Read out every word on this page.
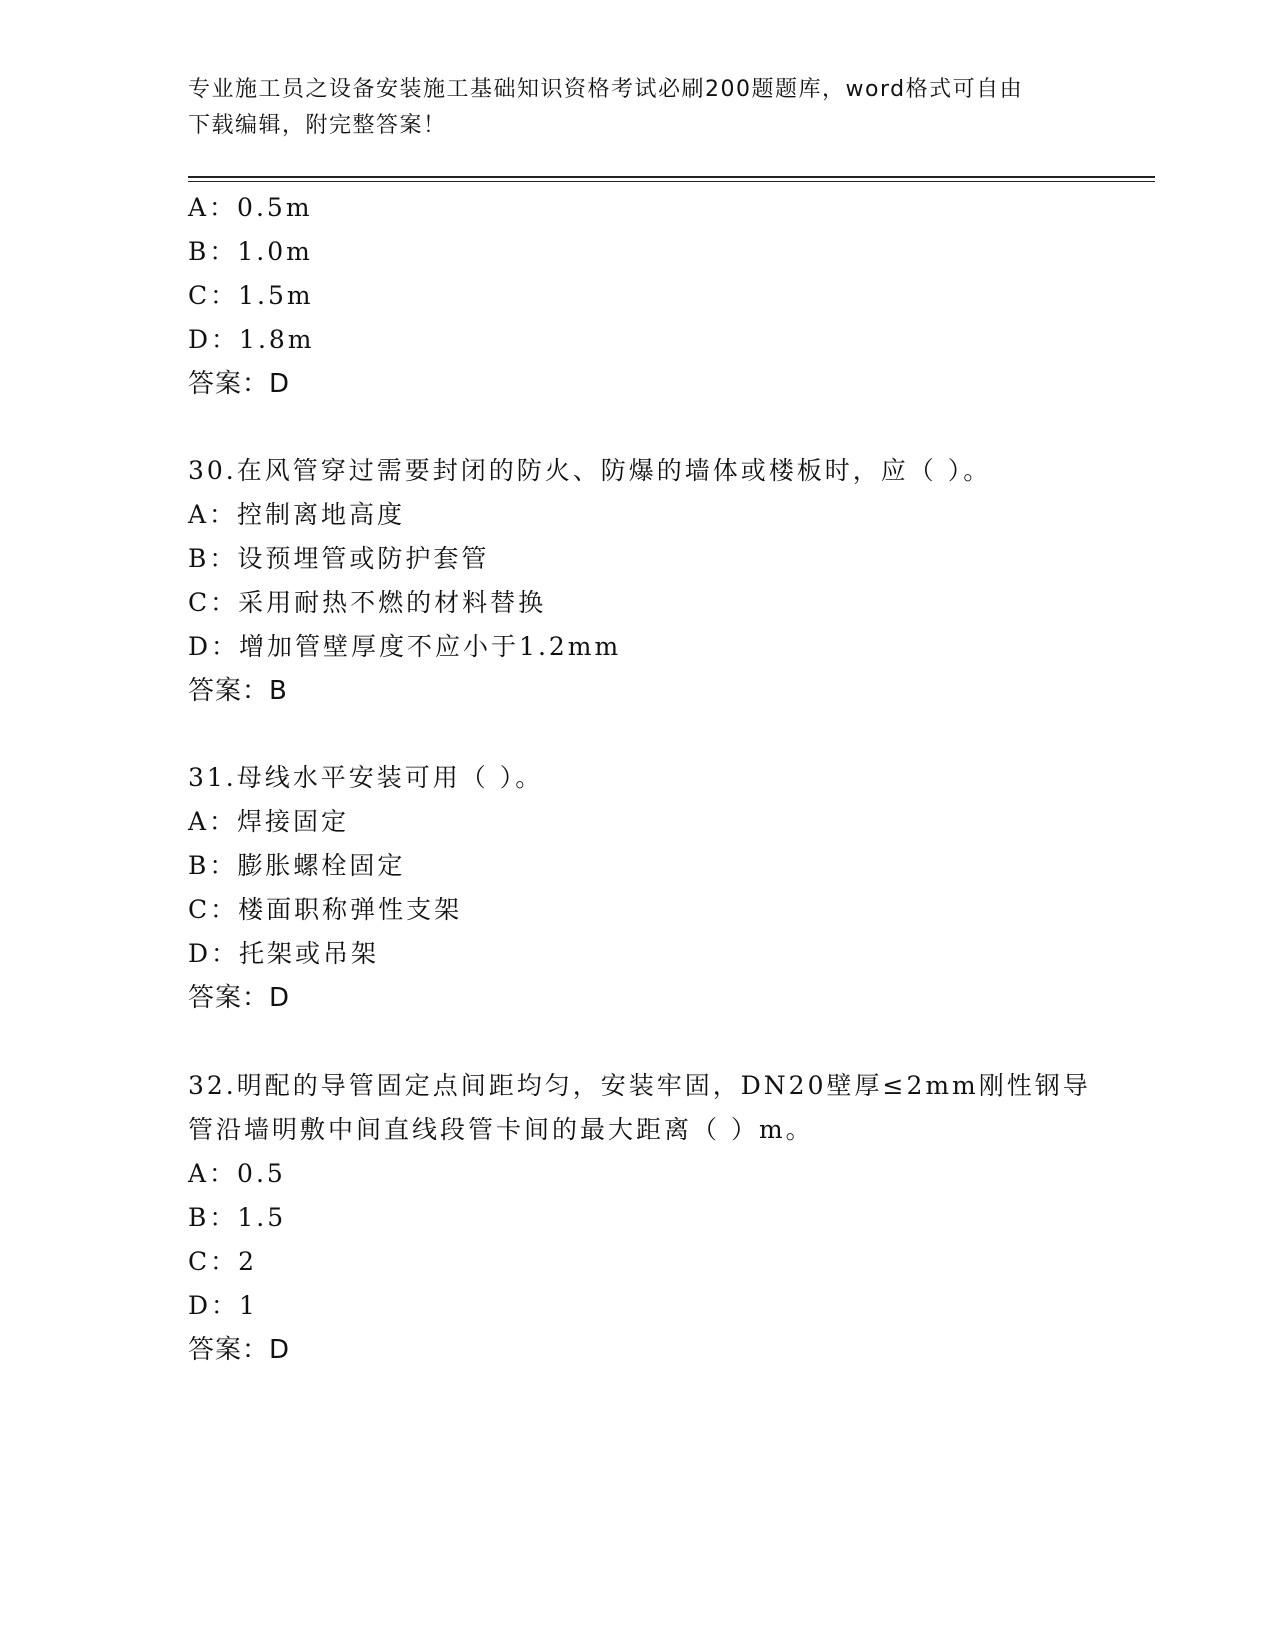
专业施工员之设备安装施工基础知识资格考试必刷200题题库，word格式可自由
下载编辑，附完整答案！
A：0.5m
B：1.0m
C：1.5m
D：1.8m
答案：D
30.在风管穿过需要封闭的防火、防爆的墙体或楼板时，应（ ）。
A：控制离地高度
B：设预埋管或防护套管
C：采用耐热不燃的材料替换
D：增加管壁厚度不应小于1.2mm
答案：B
31.母线水平安装可用（ ）。
A：焊接固定
B：膨胀螺栓固定
C：楼面职称弹性支架
D：托架或吊架
答案：D
32.明配的导管固定点间距均匀，安装牢固，DN20壁厚≤2mm刚性钢导
管沿墙明敷中间直线段管卡间的最大距离（ ）m。
A：0.5
B：1.5
C：2
D：1
答案：D
